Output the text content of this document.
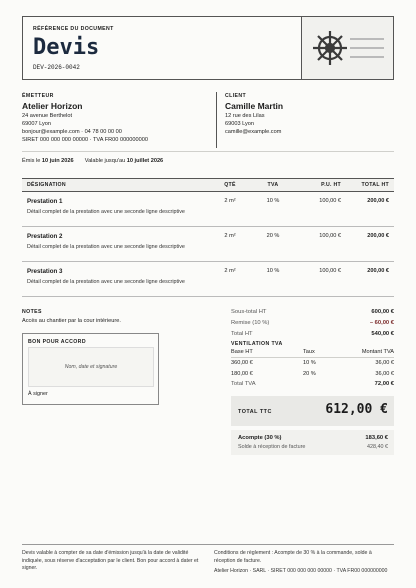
RÉFÉRENCE DU DOCUMENT
Devis
DEV-2026-0042
ÉMETTEUR
Atelier Horizon
24 avenue Berthelot
69007 Lyon
bonjour@example.com · 04 78 00 00 00
SIRET 000 000 000 00000 · TVA FR00 000000000
CLIENT
Camille Martin
12 rue des Lilas
69003 Lyon
camille@example.com
Émis le 10 juin 2026 Valable jusqu'au 10 juillet 2026
DÉSIGNATION	QTÉ	TVA	P.U. HT	TOTAL HT

Prestation 1
Détail complet de la prestation avec une seconde ligne descriptive	2 m²	10 %	100,00 €	200,00 €

Prestation 2
Détail complet de la prestation avec une seconde ligne descriptive	2 m²	20 %	100,00 €	200,00 €

Prestation 3
Détail complet de la prestation avec une seconde ligne descriptive	2 m²	10 %	100,00 €	200,00 €
NOTES
Accès au chantier par la cour intérieure.
BON POUR ACCORD
Nom, date et signature
À signer
Sous-total HT	600,00 €
Remise (10 %)	– 60,00 €
Total HT	540,00 €
VENTILATION TVA
Base HT	Taux	Montant TVA
360,00 €	10 %	36,00 €
180,00 €	20 %	36,00 €
Total TVA	72,00 €
TOTAL TTC	612,00 €
Acompte (30 %)	183,60 €
Solde à réception de facture	428,40 €
Devis valable à compter de sa date d'émission jusqu'à la date de validité indiquée, sous réserve d'acceptation par le client. Bon pour accord à dater et signer.
Conditions de règlement : Acompte de 30 % à la commande, solde à réception de facture.
Atelier Horizon · SARL · SIRET 000 000 000 00000 · TVA FR00 000000000
